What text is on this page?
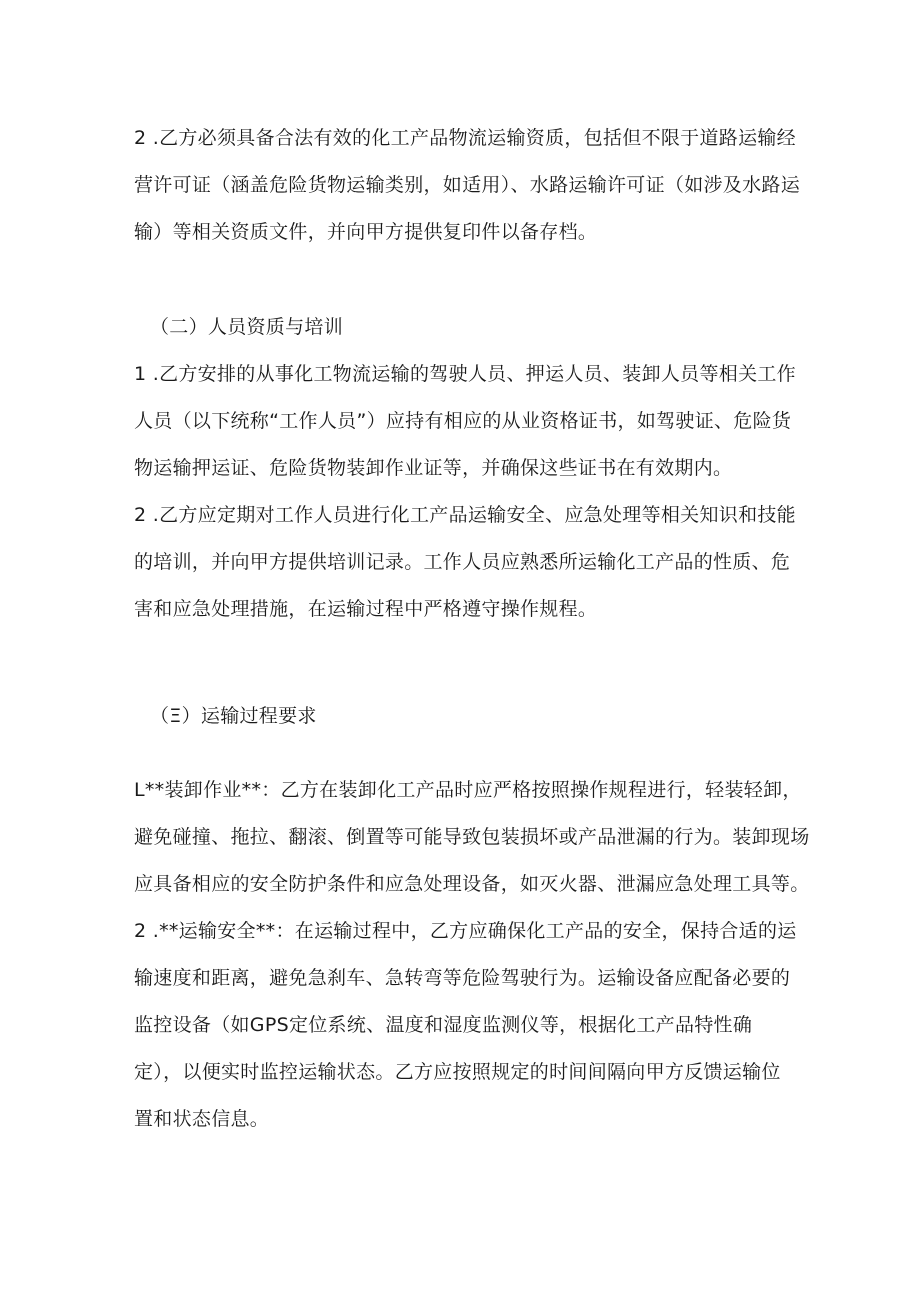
2 .乙方必须具备合法有效的化工产品物流运输资质，包括但不限于道路运输经
营许可证（涵盖危险货物运输类别，如适用）、水路运输许可证（如涉及水路运
输）等相关资质文件，并向甲方提供复印件以备存档。
（二）人员资质与培训
1 .乙方安排的从事化工物流运输的驾驶人员、押运人员、装卸人员等相关工作
人员（以下统称“工作人员”）应持有相应的从业资格证书，如驾驶证、危险货
物运输押运证、危险货物装卸作业证等，并确保这些证书在有效期内。
2 .乙方应定期对工作人员进行化工产品运输安全、应急处理等相关知识和技能
的培训，并向甲方提供培训记录。工作人员应熟悉所运输化工产品的性质、危
害和应急处理措施，在运输过程中严格遵守操作规程。
（Ξ）运输过程要求
L**装卸作业**：乙方在装卸化工产品时应严格按照操作规程进行，轻装轻卸，
避免碰撞、拖拉、翻滚、倒置等可能导致包装损坏或产品泄漏的行为。装卸现场
应具备相应的安全防护条件和应急处理设备，如灭火器、泄漏应急处理工具等。
2 .**运输安全**：在运输过程中，乙方应确保化工产品的安全，保持合适的运
输速度和距离，避免急刹车、急转弯等危险驾驶行为。运输设备应配备必要的
监控设备（如GPS定位系统、温度和湿度监测仪等，根据化工产品特性确
定），以便实时监控运输状态。乙方应按照规定的时间间隔向甲方反馈运输位
置和状态信息。
